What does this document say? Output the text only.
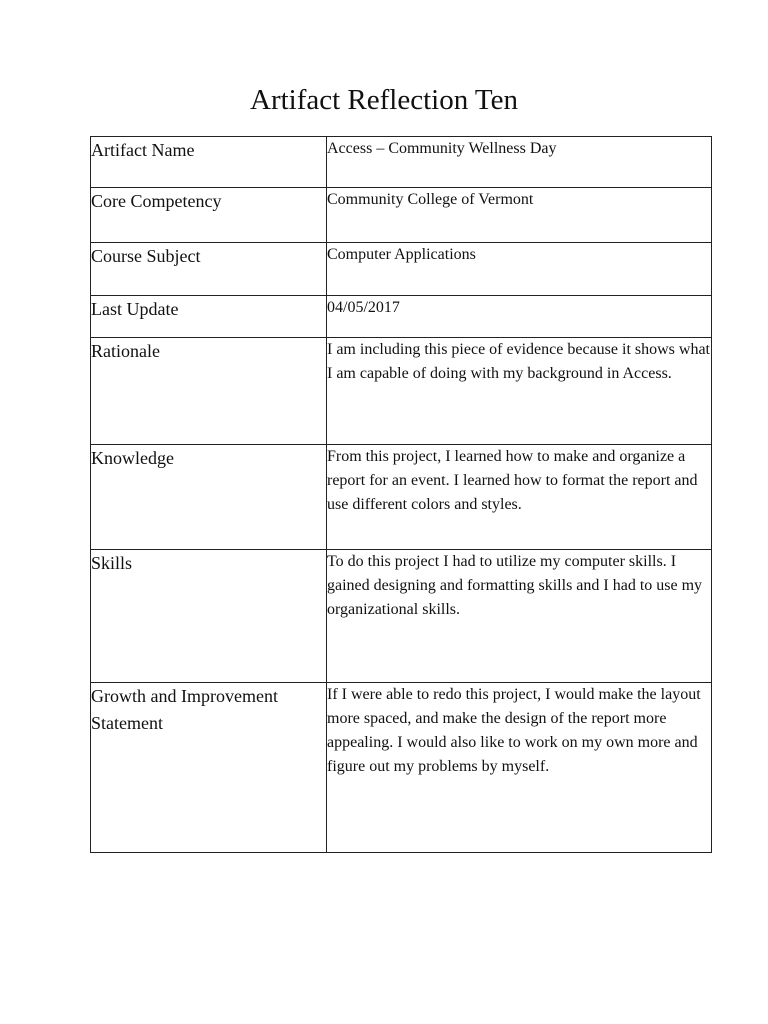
Artifact Reflection Ten
Artifact Name	Access – Community Wellness Day

Core Competency	Community College of Vermont

Course Subject	Computer Applications

Last Update	04/05/2017

Rationale	I am including this piece of evidence because it shows what I am capable of doing with my background in Access.

Knowledge	From this project, I learned how to make and organize a report for an event. I learned how to format the report and use different colors and styles.

Skills	To do this project I had to utilize my computer skills. I gained designing and formatting skills and I had to use my organizational skills.

Growth and Improvement Statement	If I were able to redo this project, I would make the layout more spaced, and make the design of the report more appealing. I would also like to work on my own more and figure out my problems by myself.
